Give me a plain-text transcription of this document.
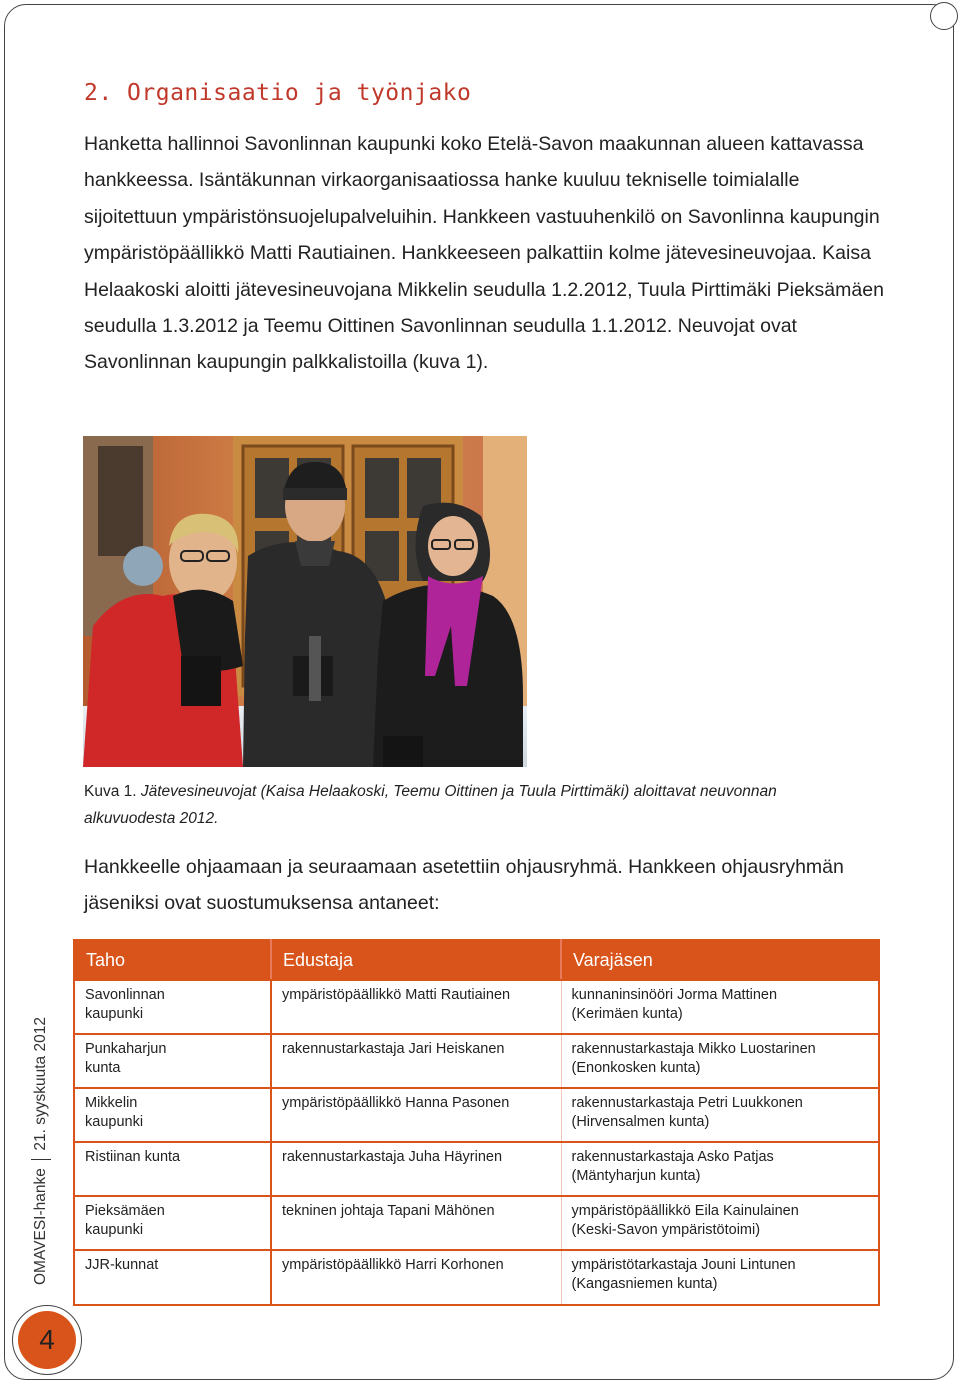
2. Organisaatio ja työnjako

Hanketta hallinnoi Savonlinnan kaupunki koko Etelä-Savon maakunnan alueen kattavassa hankkeessa. Isäntäkunnan virkaorganisaatiossa hanke kuuluu tekniselle toimialalle sijoitettuun ympäristönsuojelupalveluihin. Hankkeen vastuuhenkilö on Savonlinna kaupungin ympäristöpäällikkö Matti Rautiainen. Hankkeeseen palkattiin kolme jätevesineuvojaa. Kaisa Helaakoski aloitti jätevesineuvojana Mikkelin seudulla 1.2.2012, Tuula Pirttimäki Pieksämäen seudulla 1.3.2012 ja Teemu Oittinen Savonlinnan seudulla 1.1.2012. Neuvojat ovat Savonlinnan kaupungin palkkalistoilla (kuva 1).

Kuva 1. Jätevesineuvojat (Kaisa Helaakoski, Teemu Oittinen ja Tuula Pirttimäki) aloittavat neuvonnan alkuvuodesta 2012.

Hankkeelle ohjaamaan ja seuraamaan asetettiin ohjausryhmä. Hankkeen ohjausryhmän jäseniksi ovat suostumuksensa antaneet:

Taho	Edustaja	Varajäsen

Savonlinnan
kaupunki	ympäristöpäällikkö Matti Rautiainen	kunnaninsinööri Jorma Mattinen
(Kerimäen kunta)

Punkaharjun
kunta	rakennustarkastaja Jari Heiskanen	rakennustarkastaja Mikko Luostarinen
(Enonkosken kunta)

Mikkelin
kaupunki	ympäristöpäällikkö Hanna Pasonen	rakennustarkastaja Petri Luukkonen
(Hirvensalmen kunta)

Ristiinan kunta	rakennustarkastaja Juha Häyrinen	rakennustarkastaja Asko Patjas
(Mäntyharjun kunta)

Pieksämäen
kaupunki	tekninen johtaja Tapani Mähönen	ympäristöpäällikkö Eila Kainulainen
(Keski-Savon ympäristötoimi)

JJR-kunnat	ympäristöpäällikkö Harri Korhonen	ympäristötarkastaja Jouni Lintunen
(Kangasniemen kunta)
OMAVESI-hanke21. syyskuuta 2012
4
